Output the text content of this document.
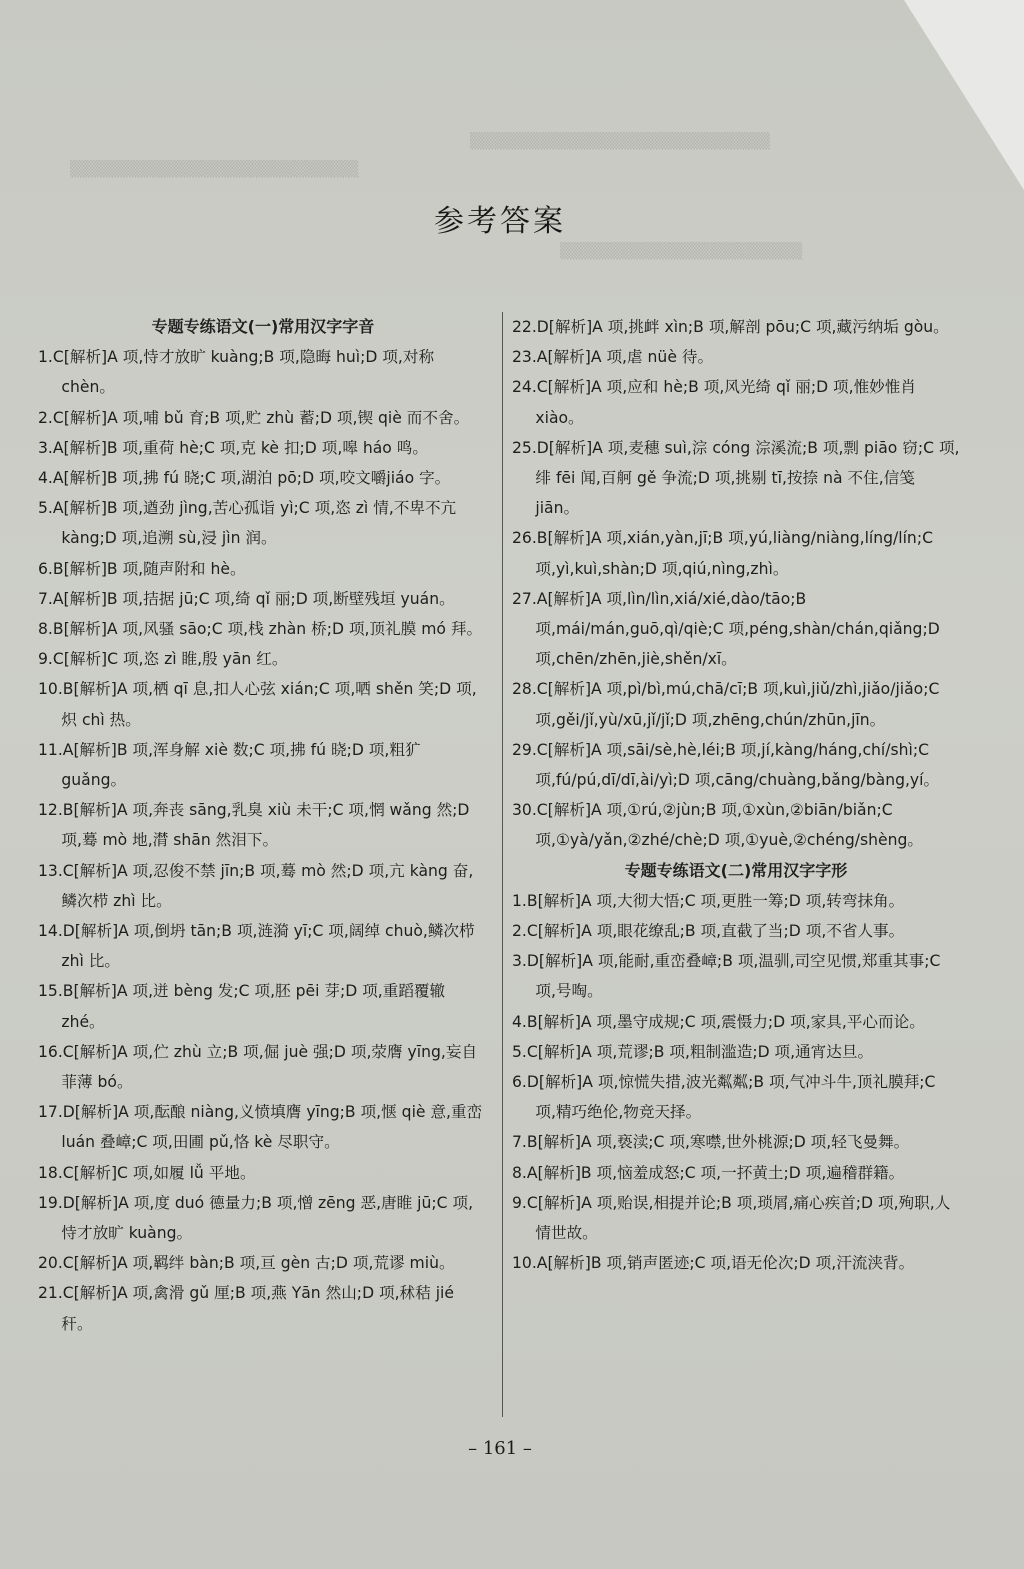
▒▒▒▒▒▒▒▒▒▒▒▒▒▒▒▒▒▒▒▒▒▒▒▒▒▒
▒▒▒▒▒▒▒▒▒▒▒▒▒▒▒▒▒▒▒▒▒▒▒▒▒
▒▒▒▒▒▒▒▒▒▒▒▒▒▒▒▒▒▒▒▒▒
参考答案

专题专练语文(一)常用汉字字音

1.C[解析]A 项,恃才放旷 kuàng;B 项,隐晦 huì;D 项,对称 chèn。

2.C[解析]A 项,哺 bǔ 育;B 项,贮 zhù 蓄;D 项,锲 qiè 而不舍。

3.A[解析]B 项,重荷 hè;C 项,克 kè 扣;D 项,嗥 háo 鸣。

4.A[解析]B 项,拂 fú 晓;C 项,湖泊 pō;D 项,咬文嚼jiáo 字。

5.A[解析]B 项,遒劲 jìng,苦心孤诣 yì;C 项,恣 zì 情,不卑不亢 kàng;D 项,追溯 sù,浸 jìn 润。

6.B[解析]B 项,随声附和 hè。

7.A[解析]B 项,拮据 jū;C 项,绮 qǐ 丽;D 项,断壁残垣 yuán。

8.B[解析]A 项,风骚 sāo;C 项,栈 zhàn 桥;D 项,顶礼膜 mó 拜。

9.C[解析]C 项,恣 zì 睢,殷 yān 红。

10.B[解析]A 项,栖 qī 息,扣人心弦 xián;C 项,哂 shěn 笑;D 项,炽 chì 热。

11.A[解析]B 项,浑身解 xiè 数;C 项,拂 fú 晓;D 项,粗犷 guǎng。

12.B[解析]A 项,奔丧 sāng,乳臭 xiù 未干;C 项,惘 wǎng 然;D 项,蓦 mò 地,潸 shān 然泪下。

13.C[解析]A 项,忍俊不禁 jīn;B 项,蓦 mò 然;D 项,亢 kàng 奋,鳞次栉 zhì 比。

14.D[解析]A 项,倒坍 tān;B 项,涟漪 yī;C 项,阔绰 chuò,鳞次栉 zhì 比。

15.B[解析]A 项,迸 bèng 发;C 项,胚 pēi 芽;D 项,重蹈覆辙 zhé。

16.C[解析]A 项,伫 zhù 立;B 项,倔 juè 强;D 项,荥膺 yīng,妄自菲薄 bó。

17.D[解析]A 项,酝酿 niàng,义愤填膺 yīng;B 项,惬 qiè 意,重峦 luán 叠嶂;C 项,田圃 pǔ,恪 kè 尽职守。

18.C[解析]C 项,如履 lǚ 平地。

19.D[解析]A 项,度 duó 德量力;B 项,憎 zēng 恶,唐睢 jū;C 项,恃才放旷 kuàng。

20.C[解析]A 项,羁绊 bàn;B 项,亘 gèn 古;D 项,荒谬 miù。

21.C[解析]A 项,禽滑 gǔ 厘;B 项,燕 Yān 然山;D 项,秫秸 jié 秆。

22.D[解析]A 项,挑衅 xìn;B 项,解剖 pōu;C 项,藏污纳垢 gòu。

23.A[解析]A 项,虐 nüè 待。

24.C[解析]A 项,应和 hè;B 项,风光绮 qǐ 丽;D 项,惟妙惟肖 xiào。

25.D[解析]A 项,麦穗 suì,淙 cóng 淙溪流;B 项,剽 piāo 窃;C 项,绯 fēi 闻,百舸 gě 争流;D 项,挑剔 tī,按捺 nà 不住,信笺 jiān。

26.B[解析]A 项,xián,yàn,jī;B 项,yú,liàng/niàng,líng/lín;C 项,yì,kuì,shàn;D 项,qiú,nìng,zhì。

27.A[解析]A 项,lìn/lìn,xiá/xié,dào/tāo;B 项,mái/mán,guō,qì/qiè;C 项,péng,shàn/chán,qiǎng;D 项,chēn/zhēn,jiè,shěn/xī。

28.C[解析]A 项,pì/bì,mú,chā/cī;B 项,kuì,jiǔ/zhì,jiǎo/jiǎo;C 项,gěi/jǐ,yù/xū,jǐ/jǐ;D 项,zhēng,chún/zhūn,jīn。

29.C[解析]A 项,sāi/sè,hè,léi;B 项,jí,kàng/háng,chí/shì;C 项,fú/pú,dī/dī,ài/yì;D 项,cāng/chuàng,bǎng/bàng,yí。

30.C[解析]A 项,①rú,②jùn;B 项,①xùn,②biān/biǎn;C 项,①yà/yǎn,②zhé/chè;D 项,①yuè,②chéng/shèng。

专题专练语文(二)常用汉字字形

1.B[解析]A 项,大彻大悟;C 项,更胜一筹;D 项,转弯抹角。

2.C[解析]A 项,眼花缭乱;B 项,直截了当;D 项,不省人事。

3.D[解析]A 项,能耐,重峦叠嶂;B 项,温驯,司空见惯,郑重其事;C 项,号啕。

4.B[解析]A 项,墨守成规;C 项,震慑力;D 项,家具,平心而论。

5.C[解析]A 项,荒谬;B 项,粗制滥造;D 项,通宵达旦。

6.D[解析]A 项,惊慌失措,波光粼粼;B 项,气冲斗牛,顶礼膜拜;C 项,精巧绝伦,物竞天择。

7.B[解析]A 项,亵渎;C 项,寒噤,世外桃源;D 项,轻飞曼舞。

8.A[解析]B 项,恼羞成怒;C 项,一抔黄土;D 项,遍稽群籍。

9.C[解析]A 项,贻误,相提并论;B 项,琐屑,痛心疾首;D 项,殉职,人情世故。

10.A[解析]B 项,销声匿迹;C 项,语无伦次;D 项,汗流浃背。

– 161 –
